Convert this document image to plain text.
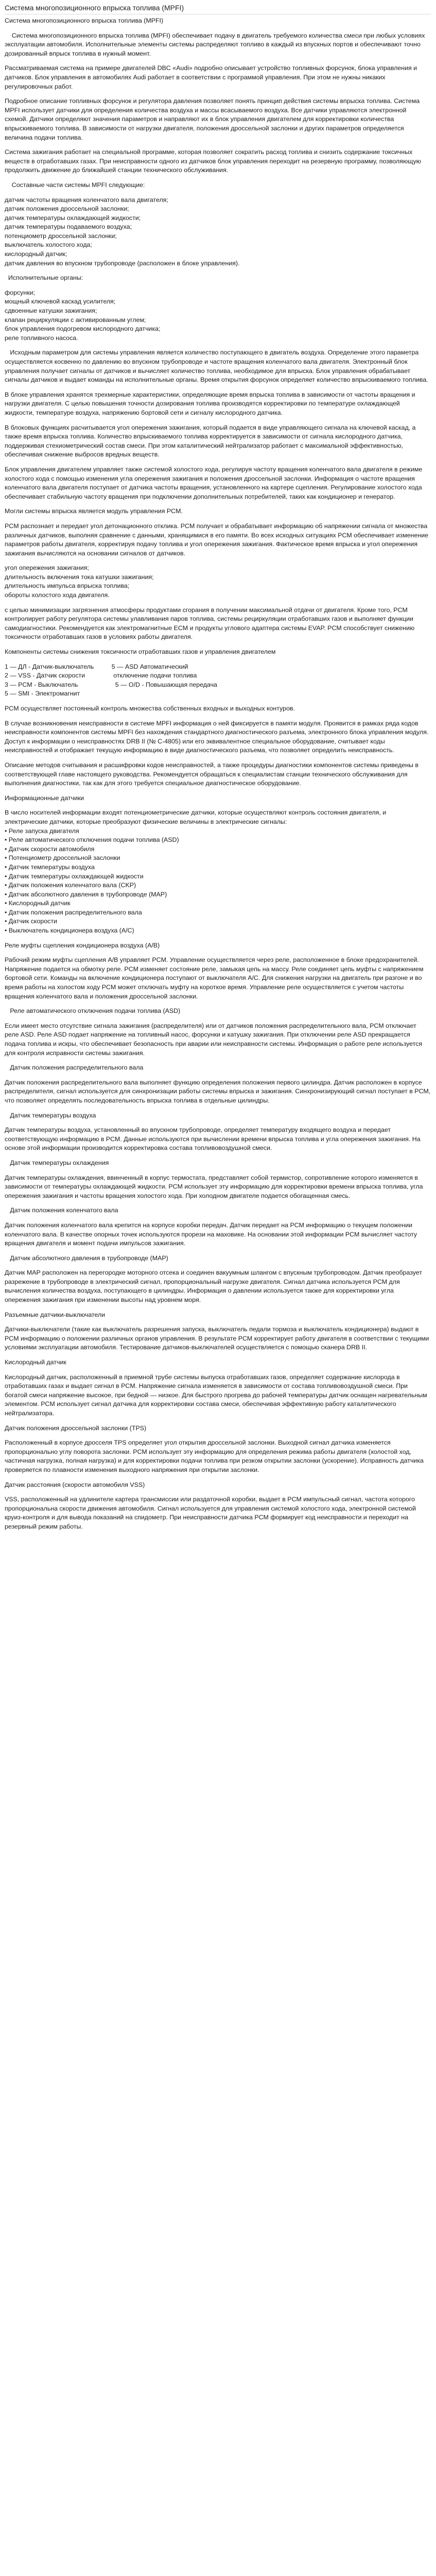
Система многопозиционного впрыска топлива (MPFI)

Система многопозиционного впрыска топлива (MPFI)

Система многопозиционного впрыска топлива (MPFI) обеспечивает подачу в двигатель требуемого количества смеси при любых условиях эксплуатации автомобиля. Исполнительные элементы системы распределяют топливо в каждый из впускных портов и обеспечивают точно дозированный впрыск топлива в нужный момент.

Рассматриваемая система на примере двигателей DBC «Audi» подробно описывает устройство топливных форсунок, блока управления и датчиков. Блок управления в автомобилях Audi работает в соответствии с программой управления. При этом не нужны никаких регулировочных работ.

Подробное описание топливных форсунок и регулятора давления позволяет понять принцип действия системы впрыска топлива. Система MPFI использует датчики для определения количества воздуха и массы всасываемого воздуха. Все датчики управляются электронной схемой. Датчики определяют значения параметров и направляют их в блок управления двигателем для корректировки количества впрыскиваемого топлива. В зависимости от нагрузки двигателя, положения дроссельной заслонки и других параметров определяется величина подачи топлива.

Система зажигания работает на специальной программе, которая позволяет сократить расход топлива и снизить содержание токсичных веществ в отработавших газах. При неисправности одного из датчиков блок управления переходит на резервную программу, позволяющую продолжить движение до ближайшей станции технического обслуживания.

Составные части системы MPFI следующие:

датчик частоты вращения коленчатого вала двигателя;
датчик положения дроссельной заслонки;
датчик температуры охлаждающей жидкости;
датчик температуры подаваемого воздуха;
потенциометр дроссельной заслонки;
выключатель холостого хода;
кислородный датчик;
датчик давления во впускном трубопроводе (расположен в блоке управления).

Исполнительные органы:

форсунки;
мощный ключевой каскад усилителя;
сдвоенные катушки зажигания;
клапан рециркуляции с активированным углем;
блок управления подогревом кислородного датчика;
реле топливного насоса.

Исходным параметром для системы управления является количество поступающего в двигатель воздуха. Определение этого параметра осуществляется косвенно по давлению во впускном трубопроводе и частоте вращения коленчатого вала двигателя. Электронный блок управления получает сигналы от датчиков и вычисляет количество топлива, необходимое для впрыска. Блок управления обрабатывает сигналы датчиков и выдает команды на исполнительные органы. Время открытия форсунок определяет количество впрыскиваемого топлива.

В блоке управления хранятся трехмерные характеристики, определяющие время впрыска топлива в зависимости от частоты вращения и нагрузки двигателя. С целью повышения точности дозирования топлива производятся корректировки по температуре охлаждающей жидкости, температуре воздуха, напряжению бортовой сети и сигналу кислородного датчика.

В блоковых функциях расчитывается угол опережения зажигания, который подается в виде управляющего сигнала на ключевой каскад, а также время впрыска топлива. Количество впрыскиваемого топлива корректируется в зависимости от сигнала кислородного датчика, поддерживая стехиометрический состав смеси. При этом каталитический нейтрализатор работает с максимальной эффективностью, обеспечивая снижение выбросов вредных веществ.

Блок управления двигателем управляет также системой холостого хода, регулируя частоту вращения коленчатого вала двигателя в режиме холостого хода с помощью изменения угла опережения зажигания и положения дроссельной заслонки. Информация о частоте вращения коленчатого вала двигателя поступает от датчика частоты вращения, установленного на картере сцепления. Регулирование холостого хода обеспечивает стабильную частоту вращения при подключении дополнительных потребителей, таких как кондиционер и генератор.

Могли системы впрыска является модуль управления PCM.

PCM распознает и передает угол детонационного отклика. PCM получает и обрабатывает информацию об напряжении сигнала от множества различных датчиков, выполняя сравнение с данными, хранящимися в его памяти. Во всех исходных ситуациях PCM обеспечивает изменение параметров работы двигателя, корректируя подачу топлива и угол опережения зажигания. Фактическое время впрыска и угол опережения зажигания вычисляются на основании сигналов от датчиков.

угол опережения зажигания;
длительность включения тока катушки зажигания;
длительность импульса впрыска топлива;
обороты холостого хода двигателя.

с целью минимизации загрязнения атмосферы продуктами сгорания в получении максимальной отдачи от двигателя. Кроме того, PCM контролирует работу регулятора системы улавливания паров топлива, системы рециркуляции отработавших газов и выполняет функции самодиагностики. Рекомендуется как электромагнитные ECM и продукты углового адаптера системы EVAP. PCM способствует снижению токсичности отработавших газов в условиях работы двигателя.

Компоненты системы снижения токсичности отработавших газов и управления двигателем

1 — ДЛ - Датчик-выключатель          5 — ASD Автоматический
2 — VSS - Датчик скорости                отключение подачи топлива
3 — PCM - Выключатель                     5 — O/D - Повышающая передача
5 — SMI - Электромагнит

PCM осуществляет постоянный контроль множества собственных входных и выходных контуров.

В случае возникновения неисправности в системе MPFI информация о ней фиксируется в памяти модуля. Проявится в рамках ряда кодов неисправности компонентов системы MPFI без нахождения стандартного диагностического разъема, электронного блока управления модуля. Доступ к информации о неисправностях DRB II (№ C-4805) или его эквивалентное специальное оборудование, считывает коды неисправностей и отображает текущую информацию в виде диагностического разъема, что позволяет определить неисправность.

Описание методов считывания и расшифровки кодов неисправностей, а также процедуры диагностики компонентов системы приведены в соответствующей главе настоящего руководства. Рекомендуется обращаться к специалистам станции технического обслуживания для выполнения диагностики, так как для этого требуется специальное диагностическое оборудование.

Информационные датчики

В число носителей информации входят потенциометрические датчики, которые осуществляют контроль состояния двигателя, и электрические датчики, которые преобразуют физические величины в электрические сигналы:
• Реле запуска двигателя
• Реле автоматического отключения подачи топлива (ASD)
• Датчик скорости автомобиля
• Потенциометр дроссельной заслонки
• Датчик температуры воздуха
• Датчик температуры охлаждающей жидкости
• Датчик положения коленчатого вала (CKP)
• Датчик абсолютного давления в трубопроводе (MAP)
• Кислородный датчик
• Датчик положения распределительного вала
• Датчик скорости
• Выключатель кондиционера воздуха (A/C)

Реле муфты сцепления кондиционера воздуха (A/B)

Рабочий режим муфты сцепления A/B управляет PCM. Управление осуществляется через реле, расположенное в блоке предохранителей. Напряжение подается на обмотку реле. PCM изменяет состояние реле, замыкая цепь на массу. Реле соединяет цепь муфты с напряжением бортовой сети. Команды на включение кондиционера поступают от выключателя A/C. Для снижения нагрузки на двигатель при разгоне и во время работы на холостом ходу PCM может отключать муфту на короткое время. Управление реле осуществляется с учетом частоты вращения коленчатого вала и положения дроссельной заслонки.

Реле автоматического отключения подачи топлива (ASD)

Если имеет место отсутствие сигнала зажигания (распределителя) или от датчиков положения распределительного вала, PCM отключает реле ASD. Реле ASD подает напряжение на топливный насос, форсунки и катушку зажигания. При отключении реле ASD прекращается подача топлива и искры, что обеспечивает безопасность при аварии или неисправности системы. Информация о работе реле используется для контроля исправности системы зажигания.

Датчик положения распределительного вала

Датчик положения распределительного вала выполняет функцию определения положения первого цилиндра. Датчик расположен в корпусе распределителя, сигнал используется для синхронизации работы системы впрыска и зажигания. Синхронизирующий сигнал поступает в PCM, что позволяет определять последовательность впрыска топлива в отдельные цилиндры.

Датчик температуры воздуха

Датчик температуры воздуха, установленный во впускном трубопроводе, определяет температуру входящего воздуха и передает соответствующую информацию в PCM. Данные используются при вычислении времени впрыска топлива и угла опережения зажигания. На основе этой информации производится корректировка состава топливовоздушной смеси.

Датчик температуры охлаждения

Датчик температуры охлаждения, ввинченный в корпус термостата, представляет собой термистор, сопротивление которого изменяется в зависимости от температуры охлаждающей жидкости. PCM использует эту информацию для корректировки времени впрыска топлива, угла опережения зажигания и частоты вращения холостого хода. При холодном двигателе подается обогащенная смесь.

Датчик положения коленчатого вала

Датчик положения коленчатого вала крепится на корпусе коробки передач. Датчик передает на PCM информацию о текущем положении коленчатого вала. В качестве опорных точек используются прорези на маховике. На основании этой информации PCM вычисляет частоту вращения двигателя и момент подачи импульсов зажигания.

Датчик абсолютного давления в трубопроводе (MAP)

Датчик MAP расположен на перегородке моторного отсека и соединен вакуумным шлангом с впускным трубопроводом. Датчик преобразует разрежение в трубопроводе в электрический сигнал, пропорциональный нагрузке двигателя. Сигнал датчика используется PCM для вычисления количества воздуха, поступающего в цилиндры. Информация о давлении используется также для корректировки угла опережения зажигания при изменении высоты над уровнем моря.

Разъемные датчики-выключатели

Датчики-выключатели (такие как выключатель разрешения запуска, выключатель педали тормоза и выключатель кондиционера) выдают в PCM информацию о положении различных органов управления. В результате PCM корректирует работу двигателя в соответствии с текущими условиями эксплуатации автомобиля. Тестирование датчиков-выключателей осуществляется с помощью сканера DRB II.

Кислородный датчик

Кислородный датчик, расположенный в приемной трубе системы выпуска отработавших газов, определяет содержание кислорода в отработавших газах и выдает сигнал в PCM. Напряжение сигнала изменяется в зависимости от состава топливовоздушной смеси. При богатой смеси напряжение высокое, при бедной — низкое. Для быстрого прогрева до рабочей температуры датчик оснащен нагревательным элементом. PCM использует сигнал датчика для корректировки состава смеси, обеспечивая эффективную работу каталитического нейтрализатора.

Датчик положения дроссельной заслонки (TPS)

Расположенный в корпусе дросселя TPS определяет угол открытия дроссельной заслонки. Выходной сигнал датчика изменяется пропорционально углу поворота заслонки. PCM использует эту информацию для определения режима работы двигателя (холостой ход, частичная нагрузка, полная нагрузка) и для корректировки подачи топлива при резком открытии заслонки (ускорение). Исправность датчика проверяется по плавности изменения выходного напряжения при открытии заслонки.

Датчик расстояния (скорости автомобиля VSS)

VSS, расположенный на удлинителе картера трансмиссии или раздаточной коробки, выдает в PCM импульсный сигнал, частота которого пропорциональна скорости движения автомобиля. Сигнал используется для управления системой холостого хода, электронной системой круиз-контроля и для вывода показаний на спидометр. При неисправности датчика PCM формирует код неисправности и переходит на резервный режим работы.
